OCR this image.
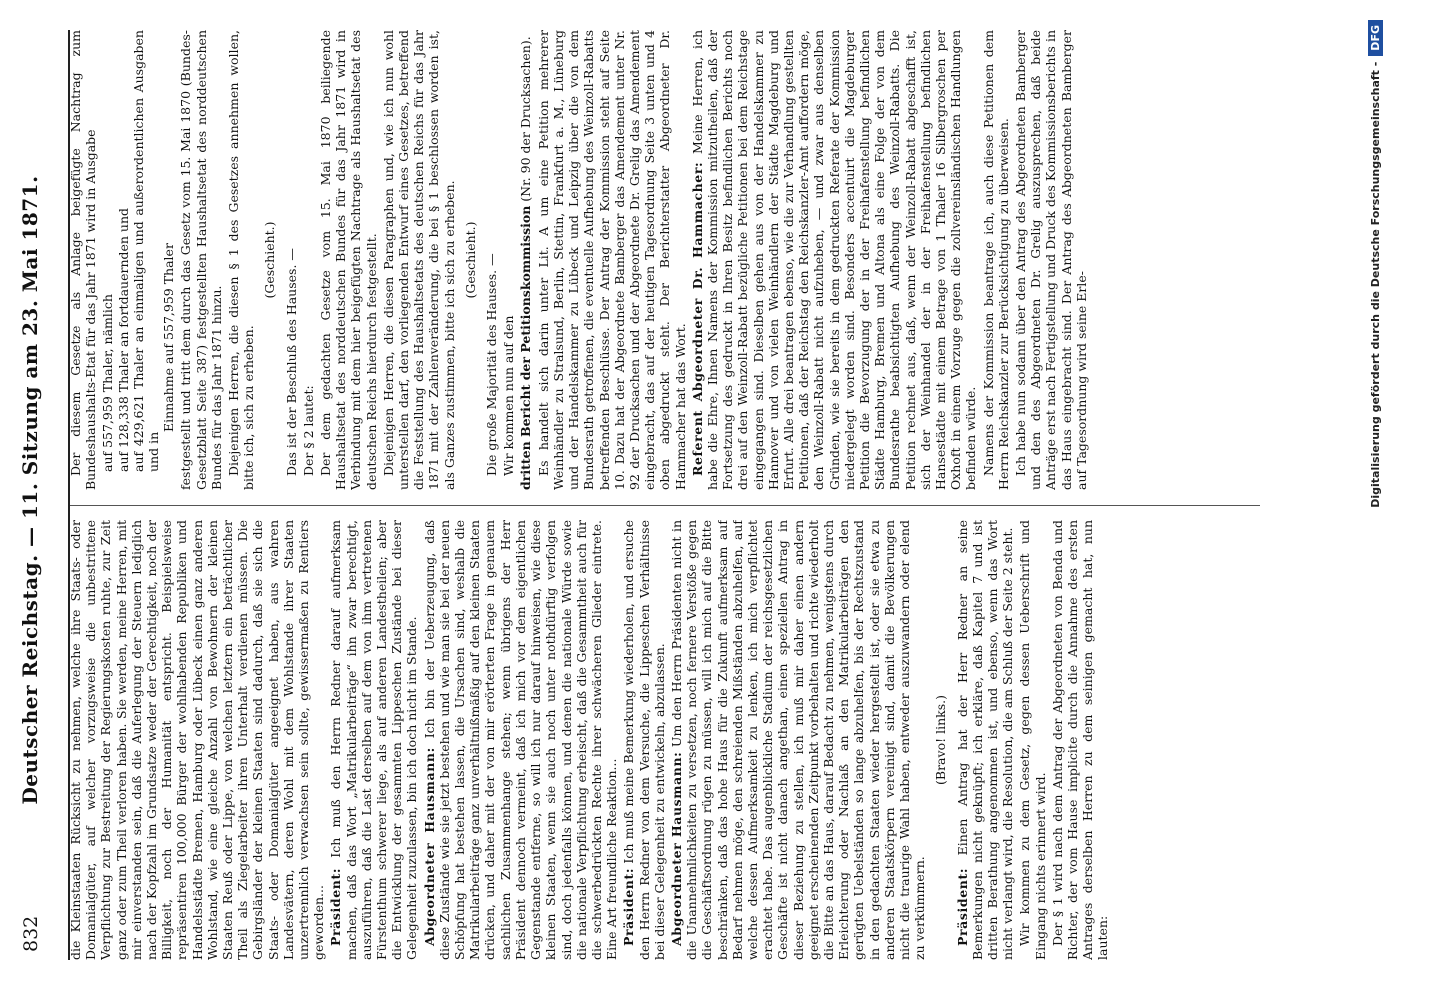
832
Deutscher Reichstag. — 11. Sitzung am 23. Mai 1871. die Kleinstaaten Rücksicht zu nehmen, welche ihre Staats- oder Domanialgüter, auf welcher vorzugsweise die unbestrittene Verpflichtung zur Bestreitung der Regierungskosten ruhte, zur Zeit ganz oder zum Theil verloren haben. Sie werden, meine Herren, mit mir einverstanden sein, daß die Auferlegung der Steuern lediglich nach der Kopfzahl im Grundsatze weder der Gerechtigkeit, noch der Billigkeit, noch der Humanität entspricht. Beispielsweise repräsentiren 100,000 Bürger der wohlhabenden Republiken und Handelsstädte Bremen, Hamburg oder Lübeck einen ganz anderen Wohlstand, wie eine gleiche Anzahl von Bewohnern der kleinen Staaten Reuß oder Lippe, von welchen letztern ein beträchtlicher Theil als Ziegelarbeiter ihren Unterhalt verdienen müssen. Die Gebirgsländer der kleinen Staaten sind dadurch, daß sie sich die Staats- oder Domanialgüter angeeignet haben, aus wahren Landesvätern, deren Wohl mit dem Wohlstande ihrer Staaten unzertrennlich verwachsen sein sollte, gewissermaßen zu Rentiers geworden... Präsident: Ich muß den Herrn Redner darauf aufmerksam machen, daß das Wort „Matrikularbeiträge“ ihn zwar berechtigt, auszuführen, daß die Last derselben auf dem von ihm vertretenen Fürstenthum schwerer liege, als auf anderen Landestheilen; aber die Entwicklung der gesammten Lippeschen Zustände bei dieser Gelegenheit zuzulassen, bin ich doch nicht im Stande. Abgeordneter Hausmann: Ich bin der Ueberzeugung, daß diese Zustände wie sie jetzt bestehen und wie man sie bei der neuen Schöpfung hat bestehen lassen, die Ursachen sind, weshalb die Matrikularbeiträge ganz unverhältnißmäßig auf den kleinen Staaten drücken, und daher mit der von mir erörterten Frage in genauem sachlichen Zusammenhange stehen; wenn übrigens der Herr Präsident dennoch vermeint, daß ich mich vor dem eigentlichen Gegenstande entferne, so will ich nur darauf hinweisen, wie diese kleinen Staaten, wenn sie auch noch unter nothdürftig verfolgen sind, doch jedenfalls können, und denen die nationale Würde sowie die nationale Verpflichtung erheischt, daß die Gesammtheit auch für die schwerbedrückten Rechte ihrer schwächeren Glieder eintrete. Eine Art freundliche Reaktion... Präsident: Ich muß meine Bemerkung wiederholen, und ersuche den Herrn Redner von dem Versuche, die Lippeschen Verhältnisse bei dieser Gelegenheit zu entwickeln, abzulassen. Abgeordneter Hausmann: Um den Herrn Präsidenten nicht in die Unannehmlichkeiten zu versetzen, noch fernere Verstöße gegen die Geschäftsordnung rügen zu müssen, will ich mich auf die Bitte beschränken, daß das hohe Haus für die Zukunft aufmerksam auf Bedarf nehmen möge, den schreienden Mißständen abzuhelfen, auf welche dessen Aufmerksamkeit zu lenken, ich mich verpflichtet erachtet habe. Das augenblickliche Stadium der reichsgesetzlichen Geschäfte ist nicht danach angethan, einen speziellen Antrag in dieser Beziehung zu stellen, ich muß mir daher einen andern geeignet erscheinenden Zeitpunkt vorbehalten und richte wiederholt die Bitte an das Haus, darauf Bedacht zu nehmen, wenigstens durch Erleichterung oder Nachlaß an den Matrikularbeiträgen den gerügten Uebelständen so lange abzuhelfen, bis der Rechtszustand in den gedachten Staaten wieder hergestellt ist, oder sie etwa zu anderen Staatskörpern vereinigt sind, damit die Bevölkerungen nicht die traurige Wahl haben, entweder auszuwandern oder elend zu verkümmern.

(Bravo! links.)

Präsident: Einen Antrag hat der Herr Redner an seine Bemerkungen nicht geknüpft; ich erkläre, daß Kapitel 7 und ist dritten Berathung angenommen ist, und ebenso, wenn das Wort nicht verlangt wird, die Resolution, die am Schluß der Seite 2 steht. Wir kommen zu dem Gesetz, gegen dessen Ueberschrift und Eingang nichts erinnert wird. Der § 1 wird nach dem Antrag der Abgeordneten von Benda und Richter, der vom Hause implicite durch die Annahme des ersten Antrages derselben Herren zu dem seinigen gemacht hat, nun lauten:

Der diesem Gesetze als Anlage beigefügte Nachtrag zum Bundeshaushalts-Etat für das Jahr 1871 wird in Ausgabe auf 557,959 Thaler, nämlich auf 128,338 Thaler an fortdauernden und auf 429,621 Thaler an einmaligen und außerordentlichen Ausgaben und in
Einnahme auf 557,959 Thaler festgestellt und tritt dem durch das Gesetz vom 15. Mai 1870 (Bundes-Gesetzblatt Seite 387) festgestellten Haushaltsetat des norddeutschen Bundes für das Jahr 1871 hinzu. Diejenigen Herren, die diesen § 1 des Gesetzes annehmen wollen, bitte ich, sich zu erheben.

(Geschieht.) Das ist der Beschluß des Hauses. — Der § 2 lautet: Der dem gedachten Gesetze vom 15. Mai 1870 beiliegende Haushaltsetat des norddeutschen Bundes für das Jahr 1871 wird in Verbindung mit dem hier beigefügten Nachtrage als Haushaltsetat des deutschen Reichs hierdurch festgestellt. Diejenigen Herren, die diesen Paragraphen und, wie ich nun wohl unterstellen darf, den vorliegenden Entwurf eines Gesetzes, betreffend die Feststellung des Haushaltsetats des deutschen Reichs für das Jahr 1871 mit der Zahlenveränderung, die bei § 1 beschlossen worden ist, als Ganzes zustimmen, bitte ich sich zu erheben. (Geschieht.) Die große Majorität des Hauses. — Wir kommen nun auf den dritten Bericht der Petitionskommission (Nr. 90 der Drucksachen). Es handelt sich darin unter Lit. A um eine Petition mehrerer Weinhändler zu Stralsund, Berlin, Stettin, Frankfurt a. M., Lüneburg und der Handelskammer zu Lübeck und Leipzig über die von dem Bundesrath getroffenen, die eventuelle Aufhebung des Weinzoll-Rabatts betreffenden Beschlüsse. Der Antrag der Kommission steht auf Seite 10. Dazu hat der Abgeordnete Bamberger das Amendement unter Nr. 92 der Drucksachen und der Abgeordnete Dr. Grelig das Amendement eingebracht, das auf der heutigen Tagesordnung Seite 3 unten und 4 oben abgedruckt steht. Der Berichterstatter Abgeordneter Dr. Hammacher hat das Wort. Referent Abgeordneter Dr. Hammacher: Meine Herren, ich habe die Ehre, Ihnen Namens der Kommission mitzutheilen, daß der Fortsetzung des gedruckt in Ihren Besitz befindlichen Berichts noch drei auf den Weinzoll-Rabatt bezügliche Petitionen bei dem Reichstage eingegangen sind. Dieselben gehen aus von der Handelskammer zu Hannover und von vielen Weinhändlern der Städte Magdeburg und Erfurt. Alle drei beantragen ebenso, wie die zur Verhandlung gestellten Petitionen, daß der Reichstag den Reichskanzler-Amt auffordern möge, den Weinzoll-Rabatt nicht aufzuheben, — und zwar aus denselben Gründen, wie sie bereits in dem gedruckten Referate der Kommission niedergelegt worden sind. Besonders accentuirt die Magdeburger Petition die Bevorzugung der in der Freihafenstellung befindlichen Städte Hamburg, Bremen und Altona als eine Folge der von dem Bundesrathe beabsichtigten Aufhebung des Weinzoll-Rabatts. Die Petition rechnet aus, daß, wenn der Weinzoll-Rabatt abgeschafft ist, sich der Weinhandel der in der Freihafenstellung befindlichen Hansestädte mit einem Betrage von 1 Thaler 16 Silbergroschen per Oxhoft in einem Vorzuge gegen die zollvereinsländischen Handlungen befinden würde. Namens der Kommission beantrage ich, auch diese Petitionen dem Herrn Reichskanzler zur Berücksichtigung zu überweisen. Ich habe nun sodann über den Antrag des Abgeordneten Bamberger und den des Abgeordneten Dr. Grelig auszusprechen, daß beide Anträge erst nach Fertigstellung und Druck des Kommissionsberichts in das Haus eingebracht sind. Der Antrag des Abgeordneten Bamberger auf Tagesordnung wird seine Erle-	Digitalisierung gefördert durch die Deutsche Forschungsgemeinschaft -DFG
